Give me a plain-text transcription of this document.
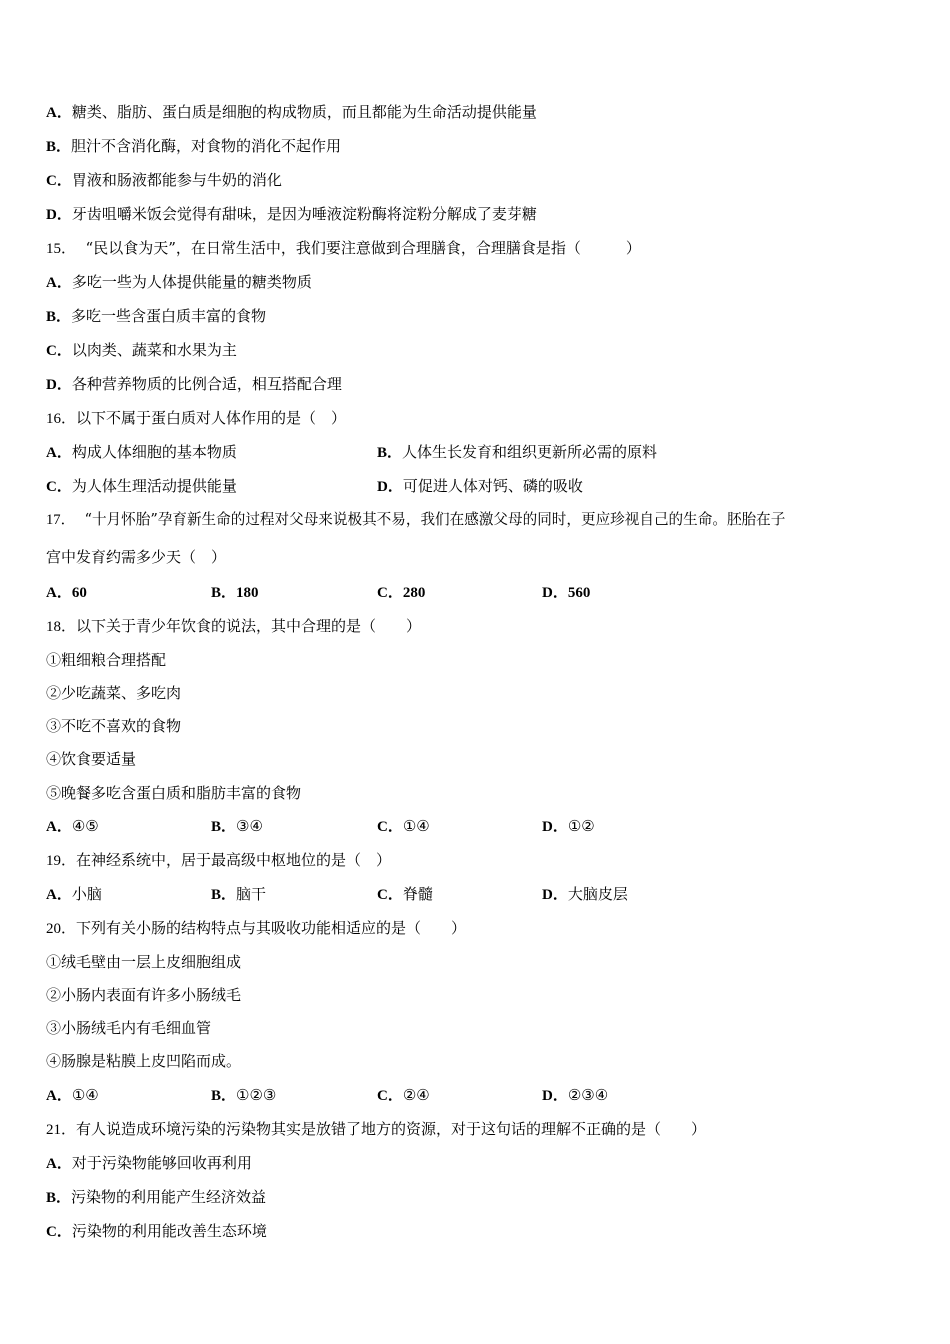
A．糖类、脂肪、蛋白质是细胞的构成物质，而且都能为生命活动提供能量
B．胆汁不含消化酶，对食物的消化不起作用
C．胃液和肠液都能参与牛奶的消化
D．牙齿咀嚼米饭会觉得有甜味，是因为唾液淀粉酶将淀粉分解成了麦芽糖
15．  “民以食为天”，在日常生活中，我们要注意做到合理膳食，合理膳食是指（　　　）
A．多吃一些为人体提供能量的糖类物质
B．多吃一些含蛋白质丰富的食物
C．以肉类、蔬菜和水果为主
D．各种营养物质的比例合适，相互搭配合理
16．以下不属于蛋白质对人体作用的是（　）
A．构成人体细胞的基本物质	B．人体生长发育和组织更新所必需的原料
C．为人体生理活动提供能量	D．可促进人体对钙、磷的吸收
17．  “十月怀胎”孕育新生命的过程对父母来说极其不易，我们在感激父母的同时，更应珍视自己的生命。胚胎在子
宫中发育约需多少天（　）
A．60	B．180	C．280	D．560
18．以下关于青少年饮食的说法，其中合理的是（　　）
①粗细粮合理搭配
②少吃蔬菜、多吃肉
③不吃不喜欢的食物
④饮食要适量
⑤晚餐多吃含蛋白质和脂肪丰富的食物
A．④⑤	B．③④	C．①④	D．①②
19．在神经系统中，居于最高级中枢地位的是（　）
A．小脑	B．脑干	C．脊髓	D．大脑皮层
20．下列有关小肠的结构特点与其吸收功能相适应的是（　　）
①绒毛壁由一层上皮细胞组成
②小肠内表面有许多小肠绒毛
③小肠绒毛内有毛细血管
④肠腺是粘膜上皮凹陷而成。
A．①④	B．①②③	C．②④	D．②③④
21．有人说造成环境污染的污染物其实是放错了地方的资源，对于这句话的理解不正确的是（　　）
A．对于污染物能够回收再利用
B．污染物的利用能产生经济效益
C．污染物的利用能改善生态环境
